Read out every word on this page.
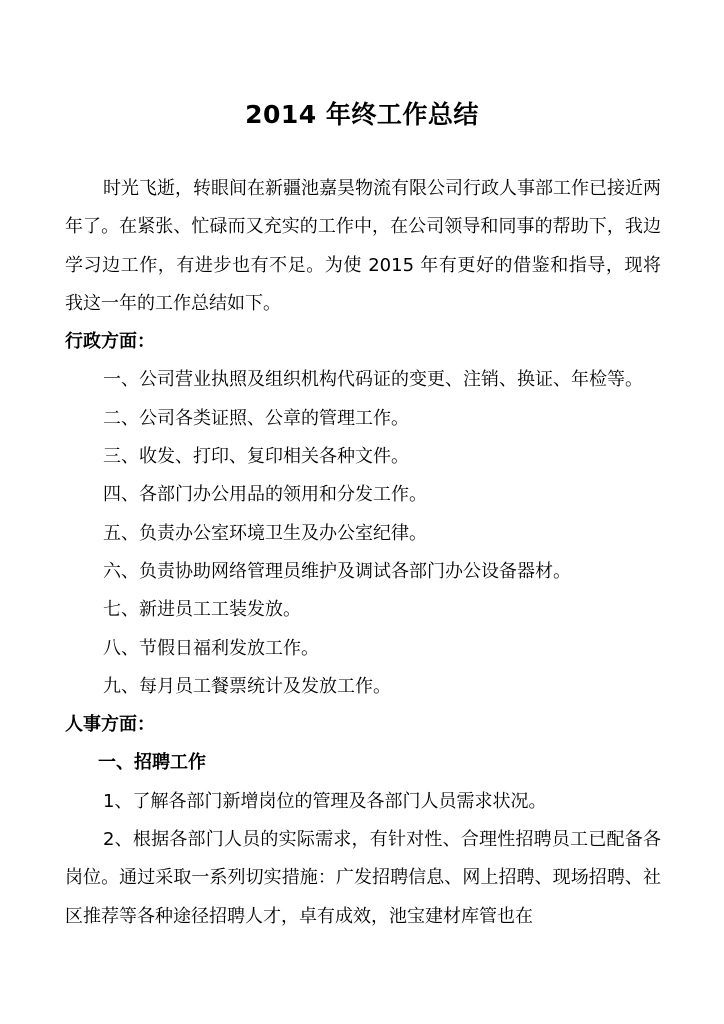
2014 年终工作总结

时光飞逝，转眼间在新疆池嘉昊物流有限公司行政人事部工作已接近两年了。在紧张、忙碌而又充实的工作中，在公司领导和同事的帮助下，我边学习边工作，有进步也有不足。为使 2015 年有更好的借鉴和指导，现将我这一年的工作总结如下。

行政方面：

一、公司营业执照及组织机构代码证的变更、注销、换证、年检等。

二、公司各类证照、公章的管理工作。

三、收发、打印、复印相关各种文件。

四、各部门办公用品的领用和分发工作。

五、负责办公室环境卫生及办公室纪律。

六、负责协助网络管理员维护及调试各部门办公设备器材。

七、新进员工工装发放。

八、节假日福利发放工作。

九、每月员工餐票统计及发放工作。

人事方面：

一、招聘工作

1、了解各部门新增岗位的管理及各部门人员需求状况。

2、根据各部门人员的实际需求，有针对性、合理性招聘员工已配备各岗位。通过采取一系列切实措施：广发招聘信息、网上招聘、现场招聘、社区推荐等各种途径招聘人才，卓有成效，池宝建材库管也在
